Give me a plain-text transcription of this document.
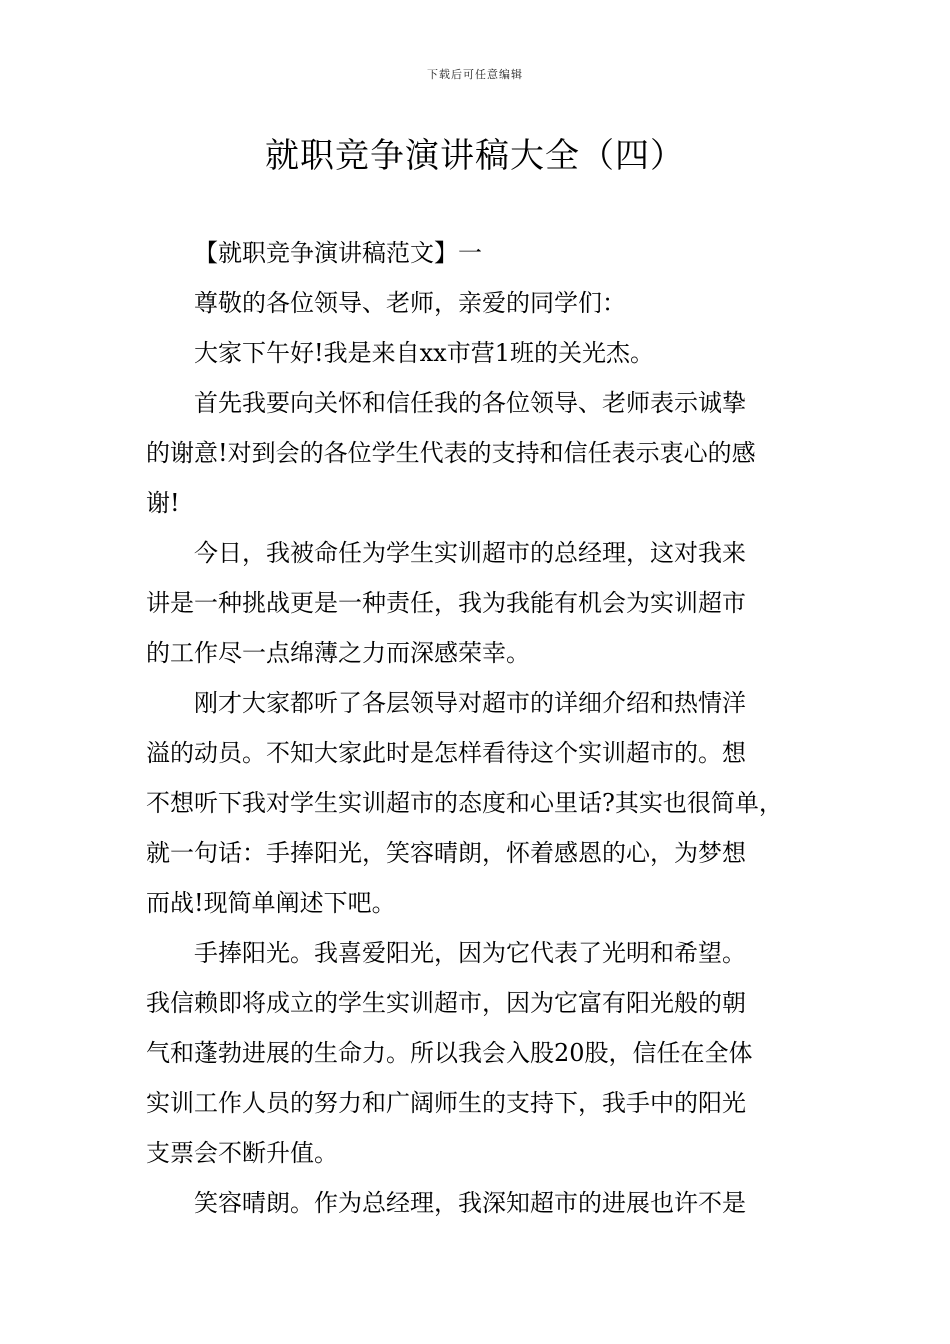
下载后可任意编辑
就职竞争演讲稿大全（四）

【就职竞争演讲稿范文】一

尊敬的各位领导、老师，亲爱的同学们：

大家下午好!我是来自xx市营1班的关光杰。

首先我要向关怀和信任我的各位领导、老师表示诚挚
的谢意!对到会的各位学生代表的支持和信任表示衷心的感
谢!

今日，我被命任为学生实训超市的总经理，这对我来
讲是一种挑战更是一种责任，我为我能有机会为实训超市
的工作尽一点绵薄之力而深感荣幸。

刚才大家都听了各层领导对超市的详细介绍和热情洋
溢的动员。不知大家此时是怎样看待这个实训超市的。想
不想听下我对学生实训超市的态度和心里话?其实也很简单，
就一句话：手捧阳光，笑容晴朗，怀着感恩的心，为梦想
而战!现简单阐述下吧。

手捧阳光。我喜爱阳光，因为它代表了光明和希望。
我信赖即将成立的学生实训超市，因为它富有阳光般的朝
气和蓬勃进展的生命力。所以我会入股20股，信任在全体
实训工作人员的努力和广阔师生的支持下，我手中的阳光
支票会不断升值。

笑容晴朗。作为总经理，我深知超市的进展也许不是
